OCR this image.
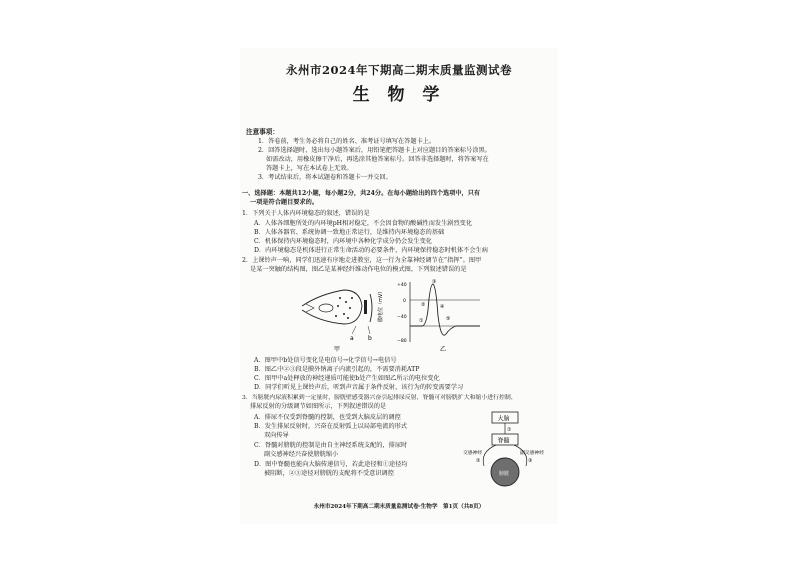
永州市2024年下期高二期末质量监测试卷
生 物 学
注意事项：
1．答卷前，考生务必将自己的姓名、准考证号填写在答题卡上。
2．回答选择题时，选出每小题答案后，用铅笔把答题卡上对应题目的答案标号涂黑。
如需改动，用橡皮擦干净后，再选涂其他答案标号。回答非选择题时，将答案写在
答题卡上，写在本试卷上无效。
3．考试结束后，将本试题卷和答题卡一并交回。
一、选择题：本题共12小题，每小题2分，共24分。在每小题给出的四个选项中，只有
一项是符合题目要求的。
1．下列关于人体内环境稳态的叙述，错误的是
A．人体各细胞所处的内环境pH相对稳定，不会因食物的酸碱性而发生剧烈变化
B．人体各器官、系统协调一致地正常运行，是维持内环境稳态的基础
C．机体保持内环境稳态时，内环境中各种化学成分仍会发生变化
D．内环境稳态是机体进行正常生命活动的必要条件，内环境保持稳态时机体不会生病
2．上课铃声一响，同学们迅速有序地走进教室，这一行为全靠神经调节在“指挥”。图甲
是某一突触的结构图，图乙是某神经纤维动作电位的模式图，下列叙述错误的是
a b
甲
膜电位（mV）
+40
0
−40
−80
①
②
③
④
⑤
乙
A．图甲中b处信号变化是电信号→化学信号→电信号
B．图乙中②③段是膜外钠离子内流引起的，不需要消耗ATP
C．图甲中a处释放的神经递质可能使b处产生如图乙所示的电位变化
D．同学们听见上课铃声后，听到声音属于条件反射，该行为的转变需要学习
3．当膀胱内尿液积累到一定量时，膀胱壁感受器兴奋引起排尿反射，脊髓可对膀胱扩大和缩小进行控制，
排尿反射的分级调节如图所示，下列叙述错误的是
A．排尿不仅受到脊髓的控制，也受到大脑皮层的调控
B．发生排尿反射时，兴奋在反射弧上以局部电流的形式
双向传导
C．脊髓对膀胱的控制是由自主神经系统支配的，排尿时
副交感神经兴奋使膀胱缩小
D．图中脊髓也能向大脑传递信号，若此途径和①途径均
被阻断，②③途径对膀胱的支配将不受意识调控
大脑
①
脊髓
交感神经	副交感神经
②	③
膀胱
永州市2024年下期高二期末质量监测试卷·生物学　第1页（共8页）
